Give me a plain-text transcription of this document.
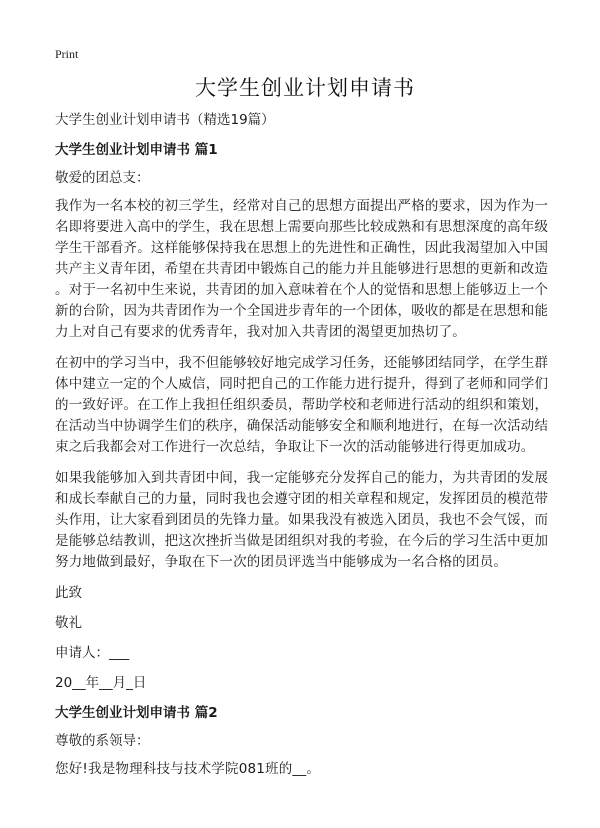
Print
大学生创业计划申请书
大学生创业计划申请书（精选19篇）
大学生创业计划申请书 篇1
敬爱的团总支：
我作为一名本校的初三学生，经常对自己的思想方面提出严格的要求，因为作为一
名即将要进入高中的学生，我在思想上需要向那些比较成熟和有思想深度的高年级
学生干部看齐。这样能够保持我在思想上的先进性和正确性，因此我渴望加入中国
共产主义青年团，希望在共青团中锻炼自己的能力并且能够进行思想的更新和改造
。对于一名初中生来说，共青团的加入意味着在个人的觉悟和思想上能够迈上一个
新的台阶，因为共青团作为一个全国进步青年的一个团体，吸收的都是在思想和能
力上对自己有要求的优秀青年，我对加入共青团的渴望更加热切了。
在初中的学习当中，我不但能够较好地完成学习任务，还能够团结同学，在学生群
体中建立一定的个人威信，同时把自己的工作能力进行提升，得到了老师和同学们
的一致好评。在工作上我担任组织委员，帮助学校和老师进行活动的组织和策划，
在活动当中协调学生们的秩序，确保活动能够安全和顺利地进行，在每一次活动结
束之后我都会对工作进行一次总结，争取让下一次的活动能够进行得更加成功。
如果我能够加入到共青团中间，我一定能够充分发挥自己的能力，为共青团的发展
和成长奉献自己的力量，同时我也会遵守团的相关章程和规定，发挥团员的模范带
头作用，让大家看到团员的先锋力量。如果我没有被选入团员，我也不会气馁，而
是能够总结教训，把这次挫折当做是团组织对我的考验，在今后的学习生活中更加
努力地做到最好，争取在下一次的团员评选当中能够成为一名合格的团员。
此致
敬礼
申请人：___
20__年__月_日
大学生创业计划申请书 篇2
尊敬的系领导：
您好!我是物理科技与技术学院081班的__。
